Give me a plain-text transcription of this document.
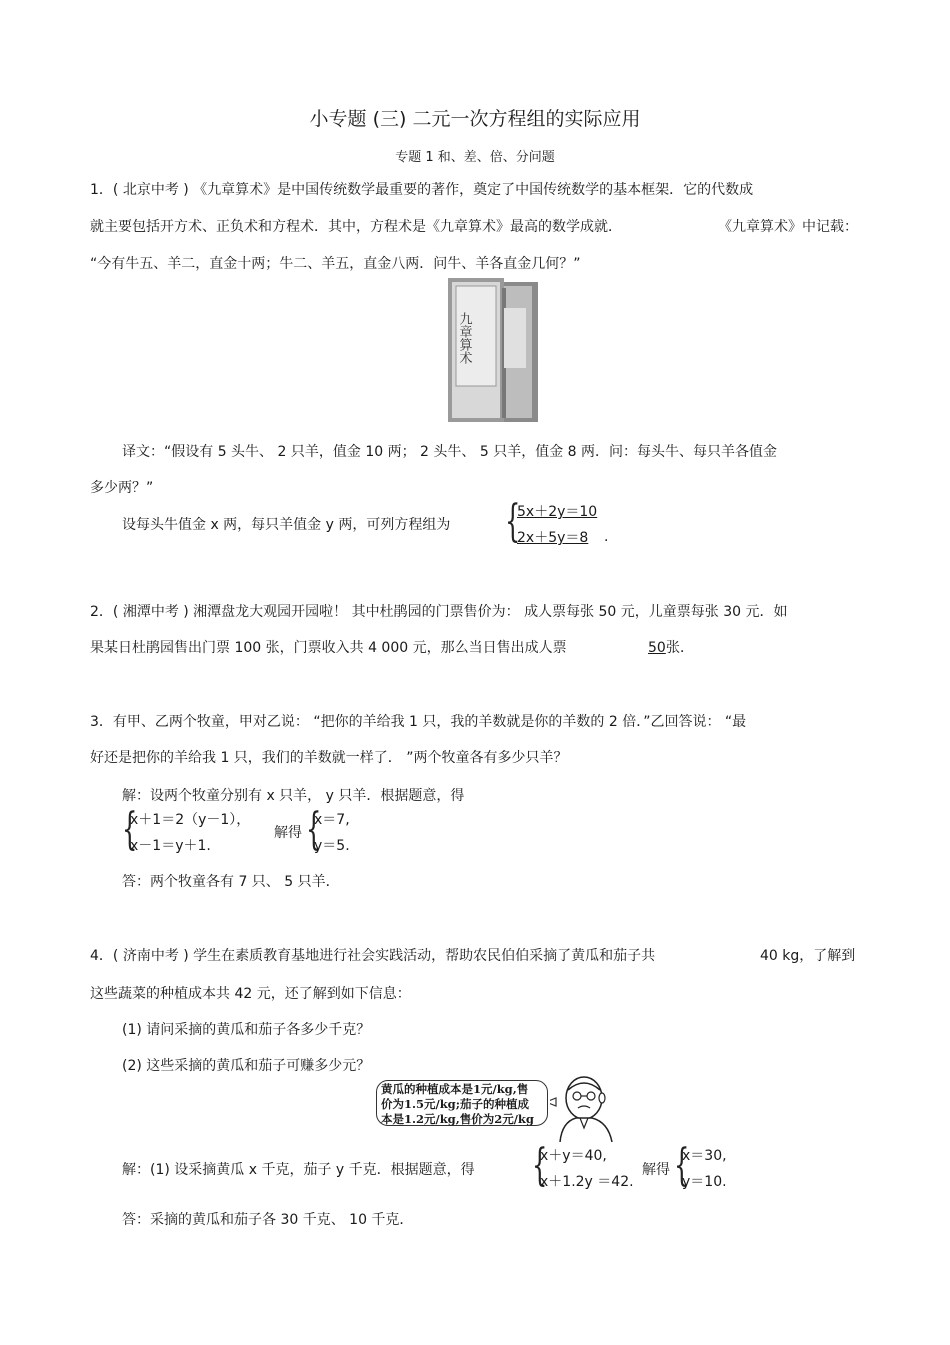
小专题 (三) 二元一次方程组的实际应用
专题 1 和、差、倍、分问题
1．( 北京中考 ) 《九章算术》是中国传统数学最重要的著作，奠定了中国传统数学的基本框架．它的代数成
就主要包括开方术、正负术和方程术．其中，方程术是《九章算术》最高的数学成就．	《九章算术》中记载：
“今有牛五、羊二，直金十两；牛二、羊五，直金八两．问牛、羊各直金几何？”
九章算术
译文：“假设有 5 头牛、 2 只羊，值金 10 两； 2 头牛、 5 只羊，值金 8 两．问：每头牛、每只羊各值金
多少两？”
设每头牛值金 x 两，每只羊值金 y 两，可列方程组为 {
5x＋2y＝10
2x＋5y＝8 .
2．( 湘潭中考 ) 湘潭盘龙大观园开园啦！ 其中杜鹃园的门票售价为： 成人票每张 50 元，儿童票每张 30 元．如
果某日杜鹃园售出门票 100 张，门票收入共 4 000 元，那么当日售出成人票	50 张．
3．有甲、乙两个牧童，甲对乙说： “把你的羊给我 1 只，我的羊数就是你的羊数的 2 倍．”乙回答说： “最
好还是把你的羊给我 1 只，我们的羊数就一样了． ”两个牧童各有多少只羊？
解：设两个牧童分别有 x 只羊， y 只羊．根据题意，得
{
x＋1＝2（y－1），
x－1＝y＋1.
解得 {
x＝7,
y＝5.
答：两个牧童各有 7 只、 5 只羊．
4．( 济南中考 ) 学生在素质教育基地进行社会实践活动，帮助农民伯伯采摘了黄瓜和茄子共	40 kg，了解到
这些蔬菜的种植成本共 42 元，还了解到如下信息：
(1) 请问采摘的黄瓜和茄子各多少千克？
(2) 这些采摘的黄瓜和茄子可赚多少元？
黄瓜的种植成本是1元/kg,售
价为1.5元/kg;茄子的种植成
本是1.2元/kg,售价为2元/kg
解：(1) 设采摘黄瓜 x 千克，茄子 y 千克．根据题意，得 {
x＋y＝40,
x＋1.2y ＝42.
解得 {
x＝30,
y＝10.
答：采摘的黄瓜和茄子各 30 千克、 10 千克．
